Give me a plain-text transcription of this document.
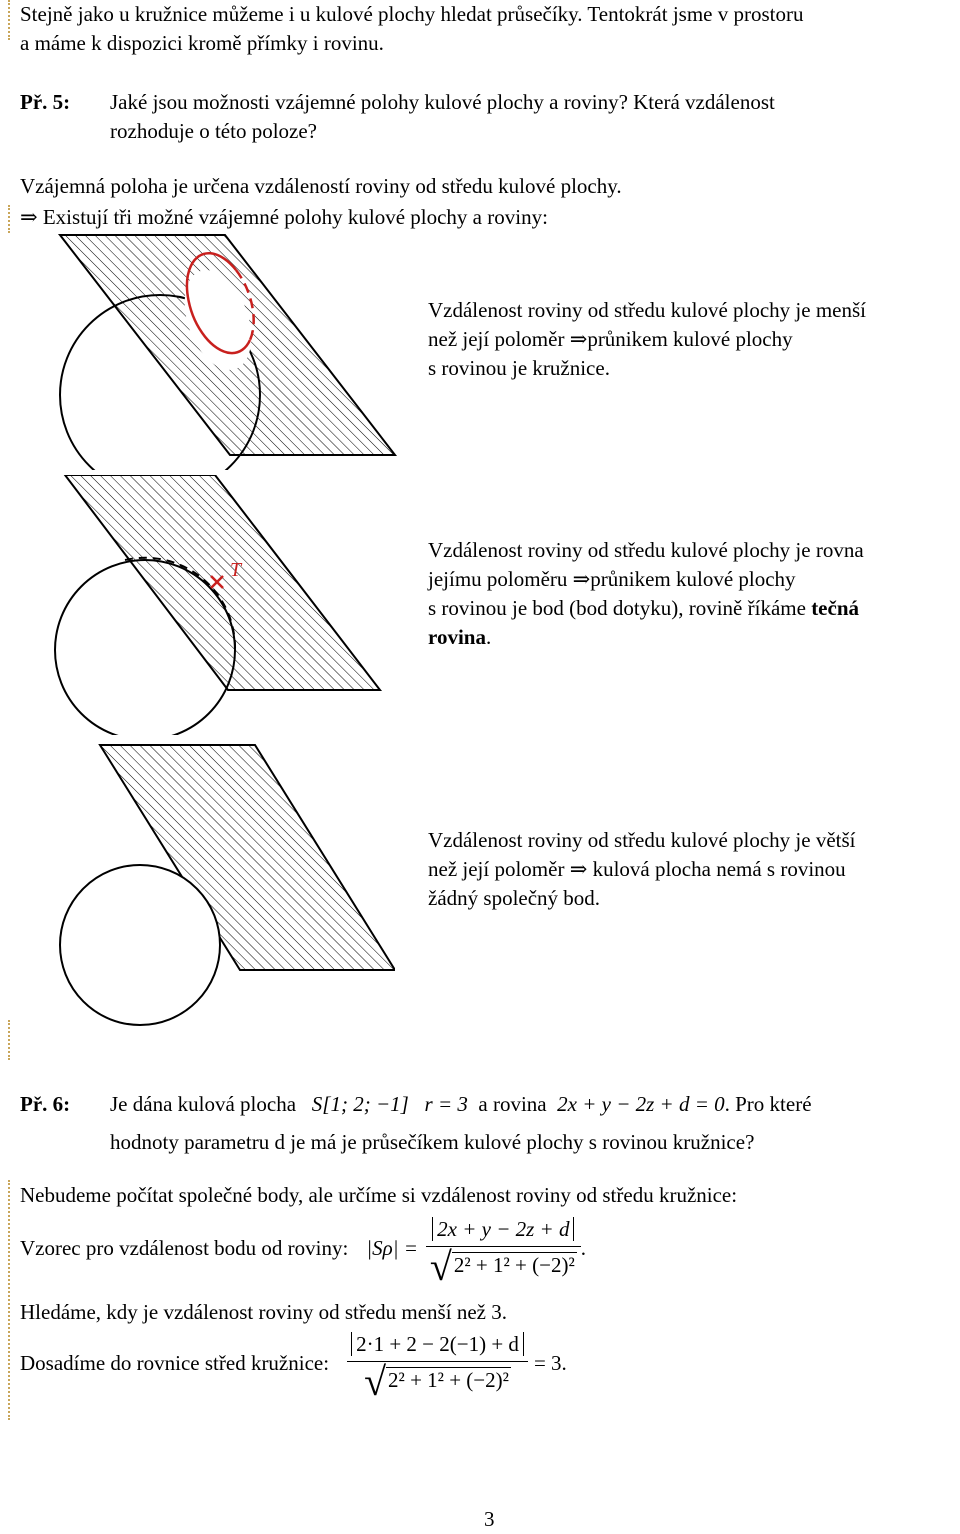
Stejně jako u kružnice můžeme i u kulové plochy hledat průsečíky. Tentokrát jsme v prostoru
a máme k dispozici kromě přímky i rovinu.
Př. 5: Jaké jsou možnosti vzájemné polohy kulové plochy a roviny? Která vzdálenost
rozhoduje o této poloze?
Vzájemná poloha je určena vzdáleností roviny od středu kulové plochy.
⇒ Existují tři možné vzájemné polohy kulové plochy a roviny:
Vzdálenost roviny od středu kulové plochy je menší
než její poloměr ⇒průnikem kulové plochy
s rovinou je kružnice.
T
Vzdálenost roviny od středu kulové plochy je rovna
jejímu poloměru ⇒průnikem kulové plochy
s rovinou je bod (bod dotyku), rovině říkáme tečná
rovina.
Vzdálenost roviny od středu kulové plochy je větší
než její poloměr ⇒ kulová plocha nemá s rovinou
žádný společný bod.
Př. 6: Je dána kulová plocha S[1; 2; −1] r = 3 a rovina 2x + y − 2z + d = 0. Pro které
hodnoty parametru d je má je průsečíkem kulové plochy s rovinou kružnice?
Nebudeme počítat společné body, ale určíme si vzdálenost roviny od středu kružnice:
Vzorec pro vzdálenost bodu od roviny: $|S\rho| = \frac{2x + y - 2z + d}{\text{√2² + 1² + (−2)²}}$ .
Hledáme, kdy je vzdálenost roviny od středu menší než 3.
Dosadíme do rovnice střed kružnice: $\frac{2\cdot 1 + 2 - 2(-1) + d}{\text{√2² + 1² + (−2)²}} = 3$.
3
